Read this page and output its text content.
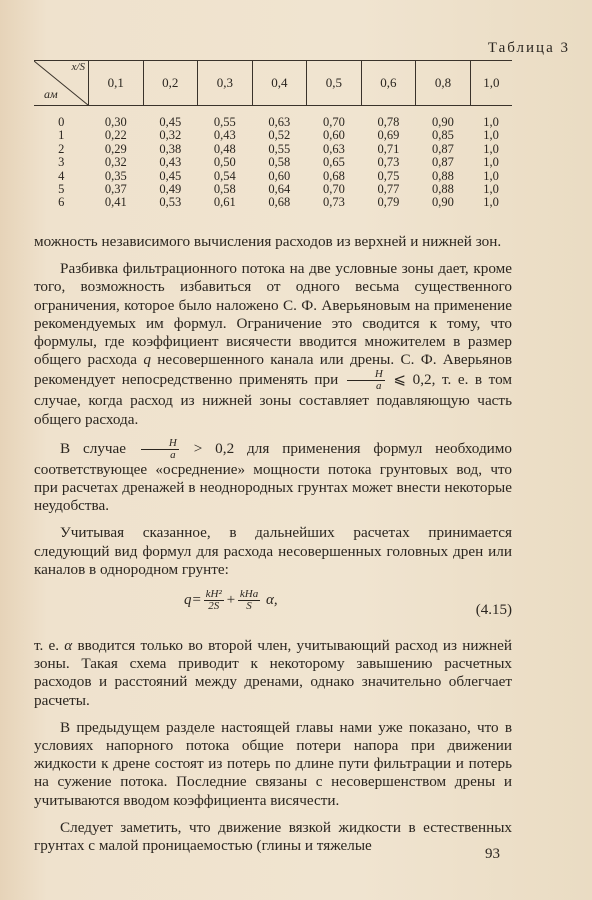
Таблица 3
x/S
aм	0,1	0,2	0,3	0,4	0,5	0,6	0,8	1,0
0	0,30	0,45	0,55	0,63	0,70	0,78	0,90	1,0
1	0,22	0,32	0,43	0,52	0,60	0,69	0,85	1,0
2	0,29	0,38	0,48	0,55	0,63	0,71	0,87	1,0
3	0,32	0,43	0,50	0,58	0,65	0,73	0,87	1,0
4	0,35	0,45	0,54	0,60	0,68	0,75	0,88	1,0
5	0,37	0,49	0,58	0,64	0,70	0,77	0,88	1,0
6	0,41	0,53	0,61	0,68	0,73	0,79	0,90	1,0

можность независимого вычисления расходов из верхней и нижней зон.

Разбивка фильтрационного потока на две условные зоны дает, кроме того, возможность избавиться от одного весьма существенного ограничения, которое было наложено С. Ф. Аверьяновым на применение рекомендуемых им формул. Ограничение это сводится к тому, что формулы, где коэффициент висячести вводится множителем в размер общего расхода q несовершенного канала или дрены. С. Ф. Аверьянов рекомендует непосредственно применять при $\frac{H}{a}$ ⩽ 0,2, т. е. в том случае, когда расход из нижней зоны составляет подавляющую часть общего расхода.

В случае $\frac{H}{a} > 0,2$ для применения формул необходимо соответствующее «осреднение» мощности потока грунтовых вод, что при расчетах дренажей в неоднородных грунтах может внести некоторые неудобства.

Учитывая сказанное, в дальнейших расчетах принимается следующий вид формул для расхода несовершенных головных дрен или каналов в однородном грунте:

$q= \frac{\text{kH²}}{2S} + \frac{\text{kHa}}{S} \alpha$,
(4.15)

т. е. α вводится только во второй член, учитывающий расход из нижней зоны. Такая схема приводит к некоторому завышению расчетных расходов и расстояний между дренами, однако значительно облегчает расчеты.

В предыдущем разделе настоящей главы нами уже показано, что в условиях напорного потока общие потери напора при движении жидкости к дрене состоят из потерь по длине пути фильтрации и потерь на сужение потока. Последние связаны с несовершенством дрены и учитываются вводом коэффициента висячести.

Следует заметить, что движение вязкой жидкости в естественных грунтах с малой проницаемостью (глины и тяжелые	93
